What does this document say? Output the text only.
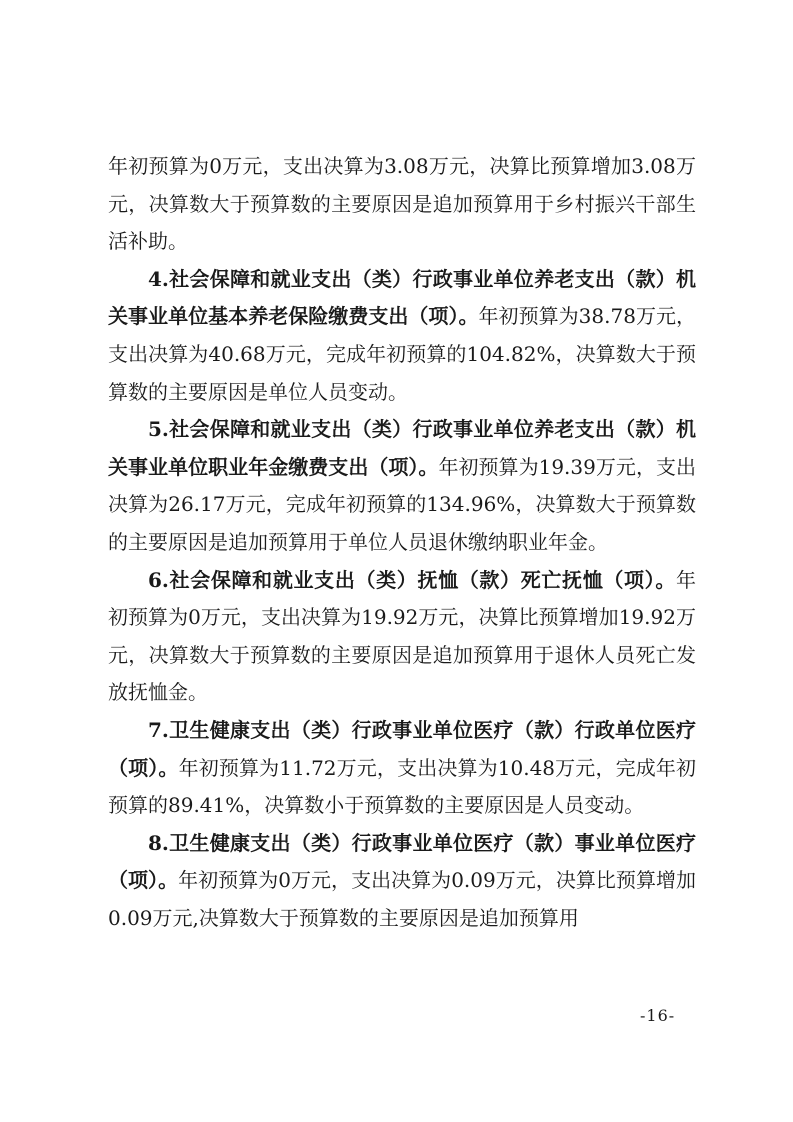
年初预算为0万元，支出决算为3.08万元，决算比预算增加3.08万元，决算数大于预算数的主要原因是追加预算用于乡村振兴干部生活补助。

4.社会保障和就业支出（类）行政事业单位养老支出（款）机关事业单位基本养老保险缴费支出（项）。年初预算为38.78万元，支出决算为40.68万元，完成年初预算的104.82%，决算数大于预算数的主要原因是单位人员变动。

5.社会保障和就业支出（类）行政事业单位养老支出（款）机关事业单位职业年金缴费支出（项）。年初预算为19.39万元，支出决算为26.17万元，完成年初预算的134.96%，决算数大于预算数的主要原因是追加预算用于单位人员退休缴纳职业年金。

6.社会保障和就业支出（类）抚恤（款）死亡抚恤（项）。年初预算为0万元，支出决算为19.92万元，决算比预算增加19.92万元，决算数大于预算数的主要原因是追加预算用于退休人员死亡发放抚恤金。

7.卫生健康支出（类）行政事业单位医疗（款）行政单位医疗（项）。年初预算为11.72万元，支出决算为10.48万元，完成年初预算的89.41%，决算数小于预算数的主要原因是人员变动。

8.卫生健康支出（类）行政事业单位医疗（款）事业单位医疗（项）。年初预算为0万元，支出决算为0.09万元，决算比预算增加0.09万元,决算数大于预算数的主要原因是追加预算用

-16-
